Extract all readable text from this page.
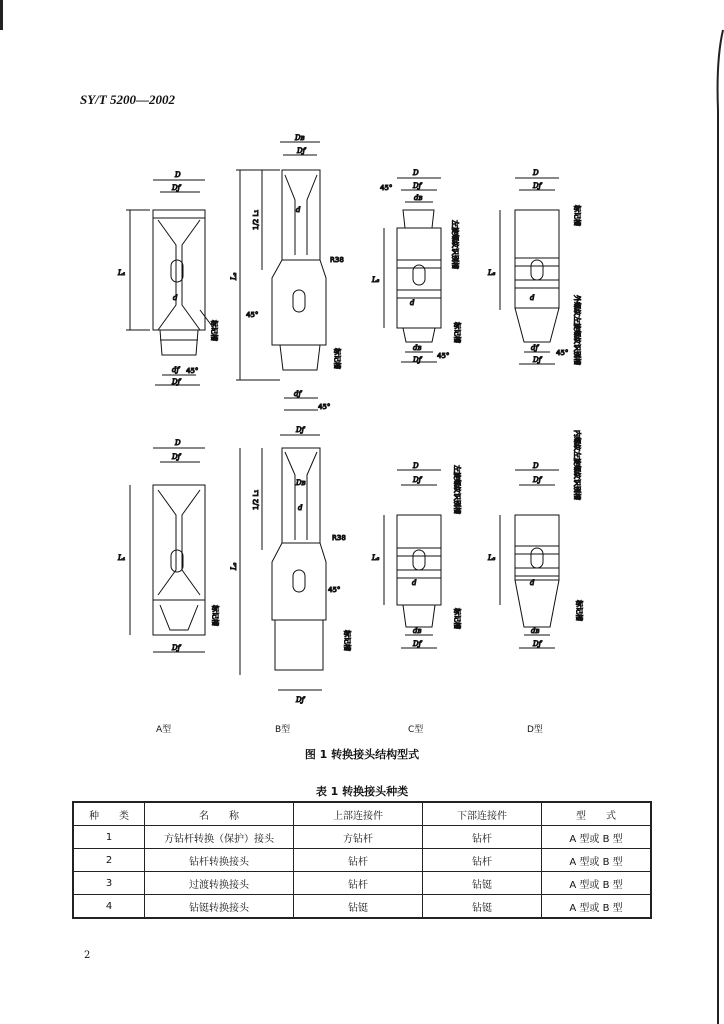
SY/T 5200—2002
D
Dƒ
L₁
d
dƒ
Dƒ
45°
标记槽
Dʙ
Dƒ
1/2 L₁
L₂
R38
45°
d
标记槽
dƒ
45°
45°
D
Dƒ
dʙ
L₃
d
dʙ
Dƒ 45°
左旋螺纹识别槽
标记槽
D
Dƒ
L₃
d
dƒ
Dƒ
45°
标记槽
外螺纹左旋螺纹识别槽
D
Dƒ
L₁
Dƒ
标记槽
Dƒ
Dʙ
d
1/2 L₁
L₂
R38
45°
标记槽
Dƒ
D
Dƒ
L₃
d
dʙ
Dƒ
左旋螺纹识别槽
标记槽
D
Dƒ
L₃
d
dʙ
Dƒ
内螺纹左旋螺纹识别槽
标记槽
A型	B型	C型	D型
图 1 转换接头结构型式
表 1 转换接头种类
种　　类	名　　称	上部连接件	下部连接件	型　　式
1	方钻杆转换（保护）接头	方钻杆	钻杆	A 型或 B 型
2	钻杆转换接头	钻杆	钻杆	A 型或 B 型
3	过渡转换接头	钻杆	钻铤	A 型或 B 型
4	钻铤转换接头	钻铤	钻铤	A 型或 B 型
2
